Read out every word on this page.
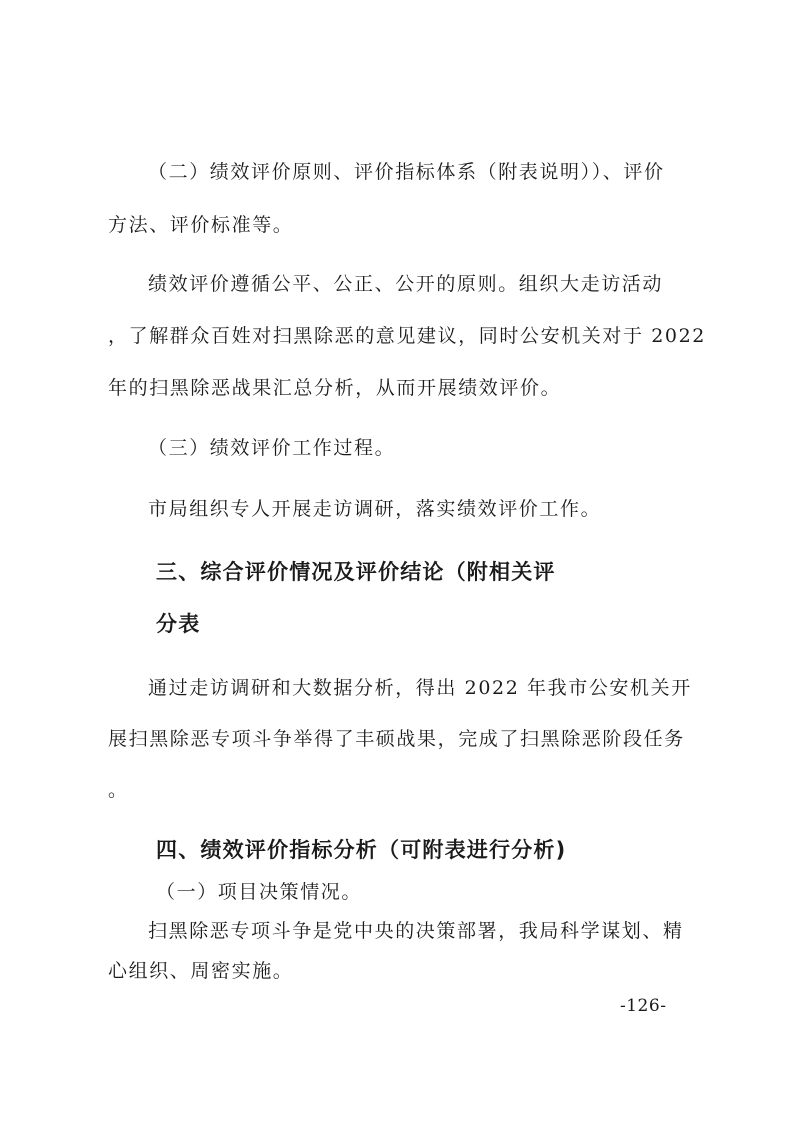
（二）绩效评价原则、评价指标体系（附表说明））、评价
方法、评价标准等。
绩效评价遵循公平、公正、公开的原则。组织大走访活动
，了解群众百姓对扫黑除恶的意见建议，同时公安机关对于 2022
年的扫黑除恶战果汇总分析，从而开展绩效评价。
（三）绩效评价工作过程。
市局组织专人开展走访调研，落实绩效评价工作。
三、综合评价情况及评价结论（附相关评
分表
通过走访调研和大数据分析，得出 2022 年我市公安机关开
展扫黑除恶专项斗争举得了丰硕战果，完成了扫黑除恶阶段任务
。
四、绩效评价指标分析（可附表进行分析)
（一）项目决策情况。
扫黑除恶专项斗争是党中央的决策部署，我局科学谋划、精
心组织、周密实施。
-126-
